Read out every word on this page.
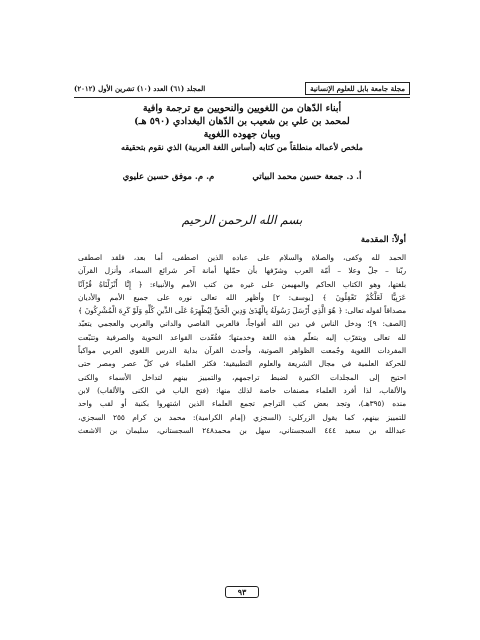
مجلة جامعة بابل للعلوم الإنسانية
المجلد (٦١) العدد (١٠) تشرين الأول (٢٠١٢)
أبناء الدّهان من اللغويين والنحويين مع ترجمة وافية
لمحمد بن علي بن شعيب بن الدّهان البغدادي (٥٩٠ هـ)
وبيان جهوده اللغوية
ملخص لأعماله منطلقاً من كتابه (أساس اللغة العربية) الذي نقوم بتحقيقه
أ. د. جمعة حسين محمد البياتي
م. م. موفق حسين عليوي
بسم الله الرحمن الرحيم
أولاً: المقدمة
الحمد لله وكفى، والصلاة والسلام على عباده الذين اصطفى، أما بعد، فلقد اصطفى
ربّنا – جلّ وعلا – أمّة العرب وشرّفها بأن حمّلها أمانة آخر شرائع السماء، وأنزل القرآن
بلغتها، وهو الكتاب الحاكم والمهيمن على غيره من كتب الأمم والأنبياء: ﴿ إِنَّا أَنْزَلْنَاهُ قُرْآنًا
عَرَبِيًّا لَعَلَّكُمْ تَعْقِلُونَ ﴾ [يوسف: ٢] وأظهر الله تعالى نوره على جميع الأمم والأديان
مصداقاً لقوله تعالى: ﴿ هُوَ الَّذِي أَرْسَلَ رَسُولَهُ بِالْهُدَىٰ وَدِينِ الْحَقِّ لِيُظْهِرَهُ عَلَى الدِّينِ كُلِّهِ وَلَوْ كَرِهَ الْمُشْرِكُونَ ﴾
[الصف: ٩]؛ ودخل الناس في دين الله أفواجاً، فالعربي القاصي والداني والعربي والعجمي يتعبّد
لله تعالى ويتقرّب إليه بتعلّم هذه اللغة وخدمتها؛ فقُعّدت القواعد النحوية والصرفية وتتبّعت
المفردات اللغوية وجُمعت الظواهر الصوتية، وأحدث القرآن بداية الدرس اللغوي العربي مواكباً
للحركة العلمية في مجال الشريعة والعلوم التطبيقية؛ فكثر العلماء في كلّ عصر ومصر حتى
احتيج إلى المجلدات الكبيرة لضبط تراجمهم، والتمييز بينهم لتداخل الأسماء والكنى
والألقاب، لذا أفرد العلماء مصنفات خاصة لذلك منها: (فتح الباب في الكنى والألقاب) لابن
منده (٣٩٥هـ)، وتجد بعض كتب التراجم تجمع العلماء الذين اشتهروا بكنية أو لقب واحد
للتمييز بينهم، كما يقول الزركلي: (السجزي (إمام الكرامية): محمد بن كرام ٢٥٥ السجزي،
عبدالله بن سعيد ٤٤٤ السجستاني، سهل بن محمد٢٤٨ السجستاني، سليمان بن الاشعث
٩٣
